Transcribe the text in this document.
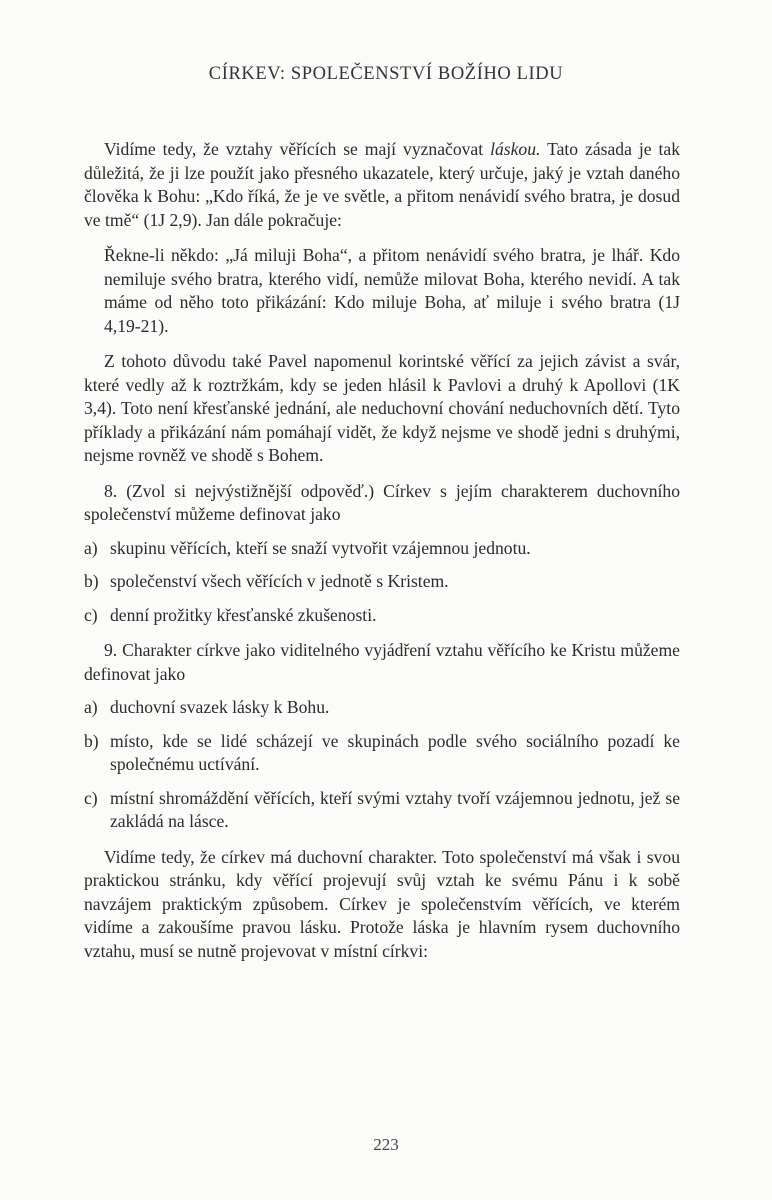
CÍRKEV: SPOLEČENSTVÍ BOŽÍHO LIDU

Vidíme tedy, že vztahy věřících se mají vyznačovat láskou. Tato zásada je tak důležitá, že ji lze použít jako přesného ukazatele, který určuje, jaký je vztah daného člověka k Bohu: „Kdo říká, že je ve světle, a přitom nenávidí svého bratra, je dosud ve tmě“ (1J 2,9). Jan dále pokračuje:

Řekne-li někdo: „Já miluji Boha“, a přitom nenávidí svého bratra, je lhář. Kdo nemiluje svého bratra, kterého vidí, nemůže milovat Boha, kterého nevidí. A tak máme od něho toto přikázání: Kdo miluje Boha, ať miluje i svého bratra (1J 4,19-21).

Z tohoto důvodu také Pavel napomenul korintské věřící za jejich závist a svár, které vedly až k roztržkám, kdy se jeden hlásil k Pavlovi a druhý k Apollovi (1K 3,4). Toto není křesťanské jednání, ale neduchovní chování neduchovních dětí. Tyto příklady a přikázání nám pomáhají vidět, že když nejsme ve shodě jedni s druhými, nejsme rovněž ve shodě s Bohem.

8. (Zvol si nejvýstižnější odpověď.) Církev s jejím charakterem duchovního společenství můžeme definovat jako

a) skupinu věřících, kteří se snaží vytvořit vzájemnou jednotu.

b) společenství všech věřících v jednotě s Kristem.

c) denní prožitky křesťanské zkušenosti.

9. Charakter církve jako viditelného vyjádření vztahu věřícího ke Kristu můžeme definovat jako

a) duchovní svazek lásky k Bohu.

b) místo, kde se lidé scházejí ve skupinách podle svého sociálního pozadí ke společnému uctívání.

c) místní shromáždění věřících, kteří svými vztahy tvoří vzájemnou jednotu, jež se zakládá na lásce.

Vidíme tedy, že církev má duchovní charakter. Toto společenství má však i svou praktickou stránku, kdy věřící projevují svůj vztah ke svému Pánu i k sobě navzájem praktickým způsobem. Církev je společenstvím věřících, ve kterém vidíme a zakoušíme pravou lásku. Protože láska je hlavním rysem duchovního vztahu, musí se nutně projevovat v místní církvi:

223
